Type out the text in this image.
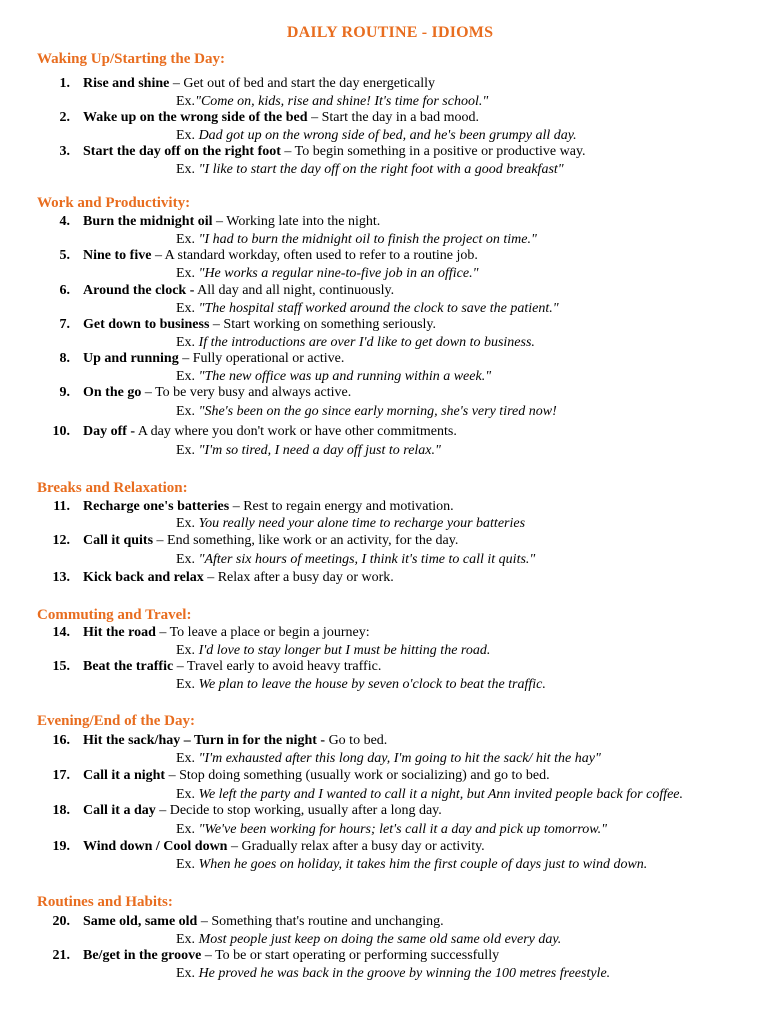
DAILY ROUTINE - IDIOMS
Waking Up/Starting the Day:
1. Rise and shine – Get out of bed and start the day energetically
Ex."Come on, kids, rise and shine! It's time for school."
2. Wake up on the wrong side of the bed – Start the day in a bad mood.
Ex. Dad got up on the wrong side of bed, and he's been grumpy all day.
3. Start the day off on the right foot – To begin something in a positive or productive way.
Ex. "I like to start the day off on the right foot with a good breakfast"
Work and Productivity:
4. Burn the midnight oil – Working late into the night.
Ex. "I had to burn the midnight oil to finish the project on time."
5. Nine to five – A standard workday, often used to refer to a routine job.
Ex. "He works a regular nine-to-five job in an office."
6. Around the clock - All day and all night, continuously.
Ex. "The hospital staff worked around the clock to save the patient."
7. Get down to business – Start working on something seriously.
Ex. If the introductions are over I'd like to get down to business.
8. Up and running – Fully operational or active.
Ex. "The new office was up and running within a week."
9. On the go – To be very busy and always active.
Ex. "She's been on the go since early morning, she's very tired now!
10. Day off - A day where you don't work or have other commitments.
Ex. "I'm so tired, I need a day off just to relax."
Breaks and Relaxation:
11. Recharge one's batteries – Rest to regain energy and motivation.
Ex. You really need your alone time to recharge your batteries
12. Call it quits – End something, like work or an activity, for the day.
Ex. "After six hours of meetings, I think it's time to call it quits."
13. Kick back and relax – Relax after a busy day or work.
Commuting and Travel:
14. Hit the road – To leave a place or begin a journey:
Ex. I'd love to stay longer but I must be hitting the road.
15. Beat the traffic – Travel early to avoid heavy traffic.
Ex. We plan to leave the house by seven o'clock to beat the traffic.
Evening/End of the Day:
16. Hit the sack/hay – Turn in for the night - Go to bed.
Ex. "I'm exhausted after this long day, I'm going to hit the sack/ hit the hay"
17. Call it a night – Stop doing something (usually work or socializing) and go to bed.
Ex. We left the party and I wanted to call it a night, but Ann invited people back for coffee.
18. Call it a day – Decide to stop working, usually after a long day.
Ex. "We've been working for hours; let's call it a day and pick up tomorrow."
19. Wind down / Cool down – Gradually relax after a busy day or activity.
Ex. When he goes on holiday, it takes him the first couple of days just to wind down.
Routines and Habits:
20. Same old, same old – Something that's routine and unchanging.
Ex. Most people just keep on doing the same old same old every day.
21. Be/get in the groove – To be or start operating or performing successfully
Ex. He proved he was back in the groove by winning the 100 metres freestyle.
